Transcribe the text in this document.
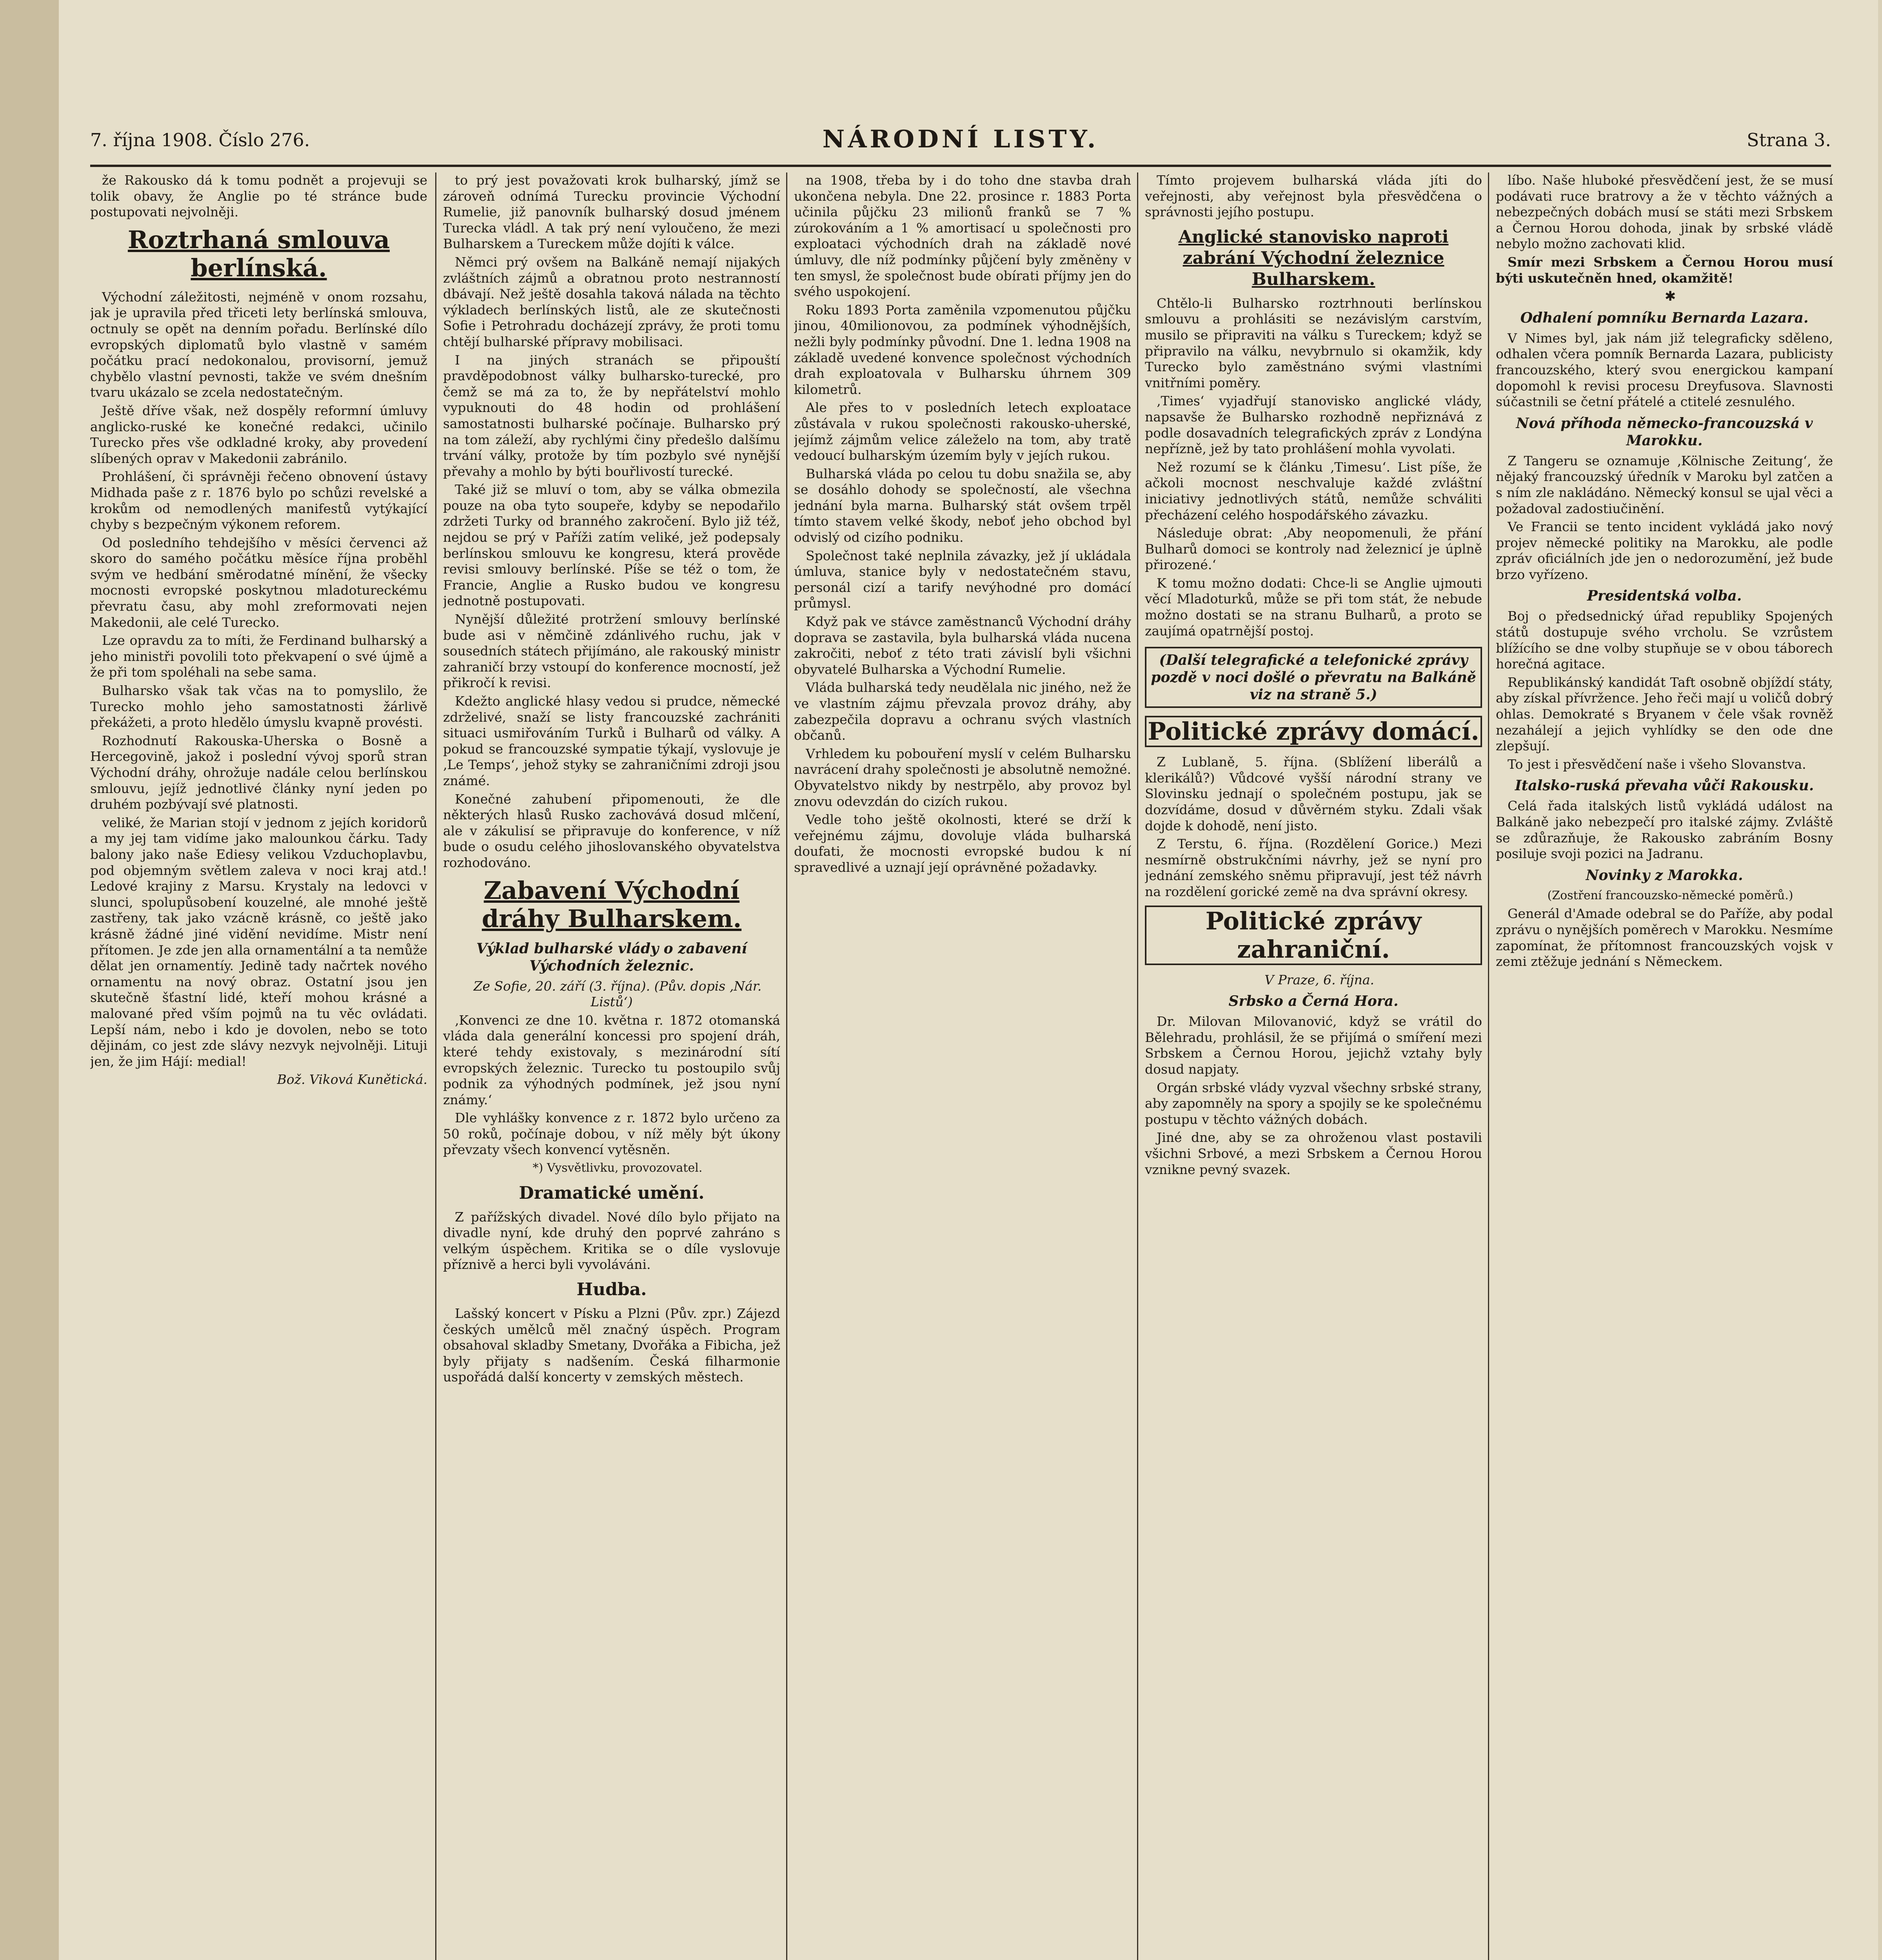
7. října 1908. Číslo 276.	NÁRODNÍ LISTY.	Strana 3.

že Rakousko dá k tomu podnět a projevuji se tolik obavy, že Anglie po té stránce bude postupovati nejvolněji.

Roztrhaná smlouva berlínská.

Východní záležitosti, nejméně v onom rozsahu, jak je upravila před třiceti lety berlínská smlouva, octnuly se opět na denním pořadu. Berlínské dílo evropských diplomatů bylo vlastně v samém počátku prací nedokonalou, provisorní, jemuž chybělo vlastní pevnosti, takže ve svém dnešním tvaru ukázalo se zcela nedostatečným.

Ještě dříve však, než dospěly reformní úmluvy anglicko-ruské ke konečné redakci, učinilo Turecko přes vše odkladné kroky, aby provedení slíbených oprav v Makedonii zabránilo.

Prohlášení, či správněji řečeno obnovení ústavy Midhada paše z r. 1876 bylo po schůzi revelské a krokům od nemodlených manifestů vytýkající chyby s bezpečným výkonem reforem.

Od posledního tehdejšího v měsíci červenci až skoro do samého počátku měsíce října proběhl svým ve hedbání směrodatné mínění, že všecky mocnosti evropské poskytnou mladotureckému převratu času, aby mohl zreformovati nejen Makedonii, ale celé Turecko.

Lze opravdu za to míti, že Ferdinand bulharský a jeho ministři povolili toto překvapení o své újmě a že při tom spoléhali na sebe sama.

Bulharsko však tak včas na to pomyslilo, že Turecko mohlo jeho samostatnosti žárlivě překážeti, a proto hledělo úmyslu kvapně provésti.

Rozhodnutí Rakouska-Uherska o Bosně a Hercegovině, jakož i poslední vývoj sporů stran Východní dráhy, ohrožuje nadále celou berlínskou smlouvu, jejíž jednotlivé články nyní jeden po druhém pozbývají své platnosti.

veliké, že Marian stojí v jednom z jejích koridorů a my jej tam vidíme jako malounkou čárku. Tady balony jako naše Ediesy velikou Vzduchoplavbu, pod objemným světlem zaleva v noci kraj atd.! Ledové krajiny z Marsu. Krystaly na ledovci v slunci, spolupůsobení kouzelné, ale mnohé ještě zastřeny, tak jako vzácně krásně, co ještě jako krásně žádné jiné vidění nevidíme. Mistr není přítomen. Je zde jen alla ornamentální a ta nemůže dělat jen ornamentíy. Jedině tady načrtek nového ornamentu na nový obraz. Ostatní jsou jen skutečně šťastní lidé, kteří mohou krásné a malované před vším pojmů na tu věc ovládati. Lepší nám, nebo i kdo je dovolen, nebo se toto dějinám, co jest zde slávy nezvyk nejvolněji. Lituji jen, že jim Hájí: medial!

Bož. Viková Kunětická.

to prý jest považovati krok bulharský, jímž se zároveň odnímá Turecku provincie Východní Rumelie, již panovník bulharský dosud jménem Turecka vládl. A tak prý není vyloučeno, že mezi Bulharskem a Tureckem může dojíti k válce.

Němci prý ovšem na Balkáně nemají nijakých zvláštních zájmů a obratnou proto nestranností dbávají. Než ještě dosahla taková nálada na těchto výkladech berlínských listů, ale ze skutečnosti Sofie i Petrohradu docházejí zprávy, že proti tomu chtějí bulharské přípravy mobilisaci.

I na jiných stranách se připouští pravděpodobnost války bulharsko-turecké, pro čemž se má za to, že by nepřátelství mohlo vypuknouti do 48 hodin od prohlášení samostatnosti bulharské počínaje. Bulharsko prý na tom záleží, aby rychlými činy předešlo dalšímu trvání války, protože by tím pozbylo své nynější převahy a mohlo by býti bouřlivostí turecké.

Také již se mluví o tom, aby se válka obmezila pouze na oba tyto soupeře, kdyby se nepodařilo zdržeti Turky od branného zakročení. Bylo již též, nejdou se prý v Paříži zatím veliké, jež podepsaly berlínskou smlouvu ke kongresu, která prověde revisi smlouvy berlínské. Píše se též o tom, že Francie, Anglie a Rusko budou ve kongresu jednotně postupovati.

Nynější důležité protržení smlouvy berlínské bude asi v němčině zdánlivého ruchu, jak v sousedních státech přijímáno, ale rakouský ministr zahraničí brzy vstoupí do konference mocností, jež přikročí k revisi.

Kdežto anglické hlasy vedou si prudce, německé zdrželivé, snaží se listy francouzské zachrániti situaci usmiřováním Turků i Bulharů od války. A pokud se francouzské sympatie týkají, vyslovuje je ‚Le Temps‘, jehož styky se zahraničními zdroji jsou známé.

Konečné zahubení připomenouti, že dle některých hlasů Rusko zachovává dosud mlčení, ale v zákulisí se připravuje do konference, v níž bude o osudu celého jihoslovanského obyvatelstva rozhodováno.

Zabavení Východní dráhy Bulharskem.
Výklad bulharské vlády o zabavení Východních železnic.

Ze Sofie, 20. září (3. října). (Pův. dopis ‚Nár. Listů‘)

‚Konvenci ze dne 10. května r. 1872 otomanská vláda dala generální koncessi pro spojení dráh, které tehdy existovaly, s mezinárodní sítí evropských železnic. Turecko tu postoupilo svůj podnik za výhodných podmínek, jež jsou nyní známy.‘

Dle vyhlášky konvence z r. 1872 bylo určeno za 50 roků, počínaje dobou, v níž měly být úkony převzaty všech konvencí vytěsněn.

*) Vysvětlivku, provozovatel.

Dramatické umění.

Z pařížských divadel. Nové dílo bylo přijato na divadle nyní, kde druhý den poprvé zahráno s velkým úspěchem. Kritika se o díle vyslovuje příznivě a herci byli vyvoláváni.

Hudba.

Lašský koncert v Písku a Plzni (Pův. zpr.) Zájezd českých umělců měl značný úspěch. Program obsahoval skladby Smetany, Dvořáka a Fibicha, jež byly přijaty s nadšením. Česká filharmonie uspořádá další koncerty v zemských městech.

na 1908, třeba by i do toho dne stavba drah ukončena nebyla. Dne 22. prosince r. 1883 Porta učinila půjčku 23 milionů franků se 7 % zúrokováním a 1 % amortisací u společnosti pro exploataci východních drah na základě nové úmluvy, dle níž podmínky půjčení byly změněny v ten smysl, že společnost bude obírati příjmy jen do svého uspokojení.

Roku 1893 Porta zaměnila vzpomenutou půjčku jinou, 40milionovou, za podmínek výhodnějších, nežli byly podmínky původní. Dne 1. ledna 1908 na základě uvedené konvence společnost východních drah exploatovala v Bulharsku úhrnem 309 kilometrů.

Ale přes to v posledních letech exploatace zůstávala v rukou společnosti rakousko-uherské, jejímž zájmům velice záleželo na tom, aby tratě vedoucí bulharským územím byly v jejích rukou.

Bulharská vláda po celou tu dobu snažila se, aby se dosáhlo dohody se společností, ale všechna jednání byla marna. Bulharský stát ovšem trpěl tímto stavem velké škody, neboť jeho obchod byl odvislý od cizího podniku.

Společnost také neplnila závazky, jež jí ukládala úmluva, stanice byly v nedostatečném stavu, personál cizí a tarify nevýhodné pro domácí průmysl.

Když pak ve stávce zaměstnanců Východní dráhy doprava se zastavila, byla bulharská vláda nucena zakročiti, neboť z této trati závislí byli všichni obyvatelé Bulharska a Východní Rumelie.

Vláda bulharská tedy neudělala nic jiného, než že ve vlastním zájmu převzala provoz dráhy, aby zabezpečila dopravu a ochranu svých vlastních občanů.

Vrhledem ku pobouření myslí v celém Bulharsku navrácení drahy společnosti je absolutně nemožné. Obyvatelstvo nikdy by nestrpělo, aby provoz byl znovu odevzdán do cizích rukou.

Vedle toho ještě okolnosti, které se drží k veřejnému zájmu, dovoluje vláda bulharská doufati, že mocnosti evropské budou k ní spravedlivé a uznají její oprávněné požadavky.

Tímto projevem bulharská vláda jíti do veřejnosti, aby veřejnost byla přesvědčena o správnosti jejího postupu.

Anglické stanovisko naproti zabrání Východní železnice Bulharskem.

Chtělo-li Bulharsko roztrhnouti berlínskou smlouvu a prohlásiti se nezávislým carstvím, musilo se připraviti na válku s Tureckem; když se připravilo na válku, nevybrnulo si okamžik, kdy Turecko bylo zaměstnáno svými vlastními vnitřními poměry.

‚Times‘ vyjadřují stanovisko anglické vlády, napsavše že Bulharsko rozhodně nepřiznává z podle dosavadních telegrafických zpráv z Londýna nepřízně, jež by tato prohlášení mohla vyvolati.

Než rozumí se k článku ‚Timesu‘. List píše, že ačkoli mocnost neschvaluje každé zvláštní iniciativy jednotlivých států, nemůže schváliti přecházení celého hospodářského závazku.

Následuje obrat: ‚Aby neopomenuli, že přání Bulharů domoci se kontroly nad železnicí je úplně přirozené.‘

K tomu možno dodati: Chce-li se Anglie ujmouti věcí Mladoturků, může se při tom stát, že nebude možno dostati se na stranu Bulharů, a proto se zaujímá opatrnější postoj.

(Další telegrafické a telefonické zprávy pozdě v noci došlé o převratu na Balkáně viz na straně 5.)
Politické zprávy domácí.

Z Lublaně, 5. října. (Sblížení liberálů a klerikálů?) Vůdcové vyšší národní strany ve Slovinsku jednají o společném postupu, jak se dozvídáme, dosud v důvěrném styku. Zdali však dojde k dohodě, není jisto.

Z Terstu, 6. října. (Rozdělení Gorice.) Mezi nesmírně obstrukčními návrhy, jež se nyní pro jednání zemského sněmu připravují, jest též návrh na rozdělení gorické země na dva správní okresy.

Politické zprávy zahraniční.

V Praze, 6. října.

Srbsko a Černá Hora.

Dr. Milovan Milovanović, když se vrátil do Bělehradu, prohlásil, že se přijímá o smíření mezi Srbskem a Černou Horou, jejichž vztahy byly dosud napjaty.

Orgán srbské vlády vyzval všechny srbské strany, aby zapomněly na spory a spojily se ke společnému postupu v těchto vážných dobách.

Jiné dne, aby se za ohroženou vlast postavili všichni Srbové, a mezi Srbskem a Černou Horou vznikne pevný svazek.

líbo. Naše hluboké přesvědčení jest, že se musí podávati ruce bratrovy a že v těchto vážných a nebezpečných dobách musí se státi mezi Srbskem a Černou Horou dohoda, jinak by srbské vládě nebylo možno zachovati klid.

Smír mezi Srbskem a Černou Horou musí býti uskutečněn hned, okamžitě!

✱

Odhalení pomníku Bernarda Lazara.

V Nimes byl, jak nám již telegraficky sděleno, odhalen včera pomník Bernarda Lazara, publicisty francouzského, který svou energickou kampaní dopomohl k revisi procesu Dreyfusova. Slavnosti súčastnili se četní přátelé a ctitelé zesnulého.

Nová příhoda německo-francouzská v Marokku.

Z Tangeru se oznamuje ‚Kölnische Zeitung‘, že nějaký francouzský úředník v Maroku byl zatčen a s ním zle nakládáno. Německý konsul se ujal věci a požadoval zadostiučinění.

Ve Francii se tento incident vykládá jako nový projev německé politiky na Marokku, ale podle zpráv oficiálních jde jen o nedorozumění, jež bude brzo vyřízeno.

Presidentská volba.

Boj o předsednický úřad republiky Spojených států dostupuje svého vrcholu. Se vzrůstem blížícího se dne volby stupňuje se v obou táborech horečná agitace.

Republikánský kandidát Taft osobně objíždí státy, aby získal přívržence. Jeho řeči mají u voličů dobrý ohlas. Demokraté s Bryanem v čele však rovněž nezahálejí a jejich vyhlídky se den ode dne zlepšují.

To jest i přesvědčení naše i všeho Slovanstva.

Italsko-ruská převaha vůči Rakousku.

Celá řada italských listů vykládá událost na Balkáně jako nebezpečí pro italské zájmy. Zvláště se zdůrazňuje, že Rakousko zabráním Bosny posiluje svoji pozici na Jadranu.

Novinky z Marokka.

(Zostření francouzsko-německé poměrů.)

Generál d'Amade odebral se do Paříže, aby podal zprávu o nynějších poměrech v Marokku. Nesmíme zapomínat, že přítomnost francouzských vojsk v zemi ztěžuje jednání s Německem.
